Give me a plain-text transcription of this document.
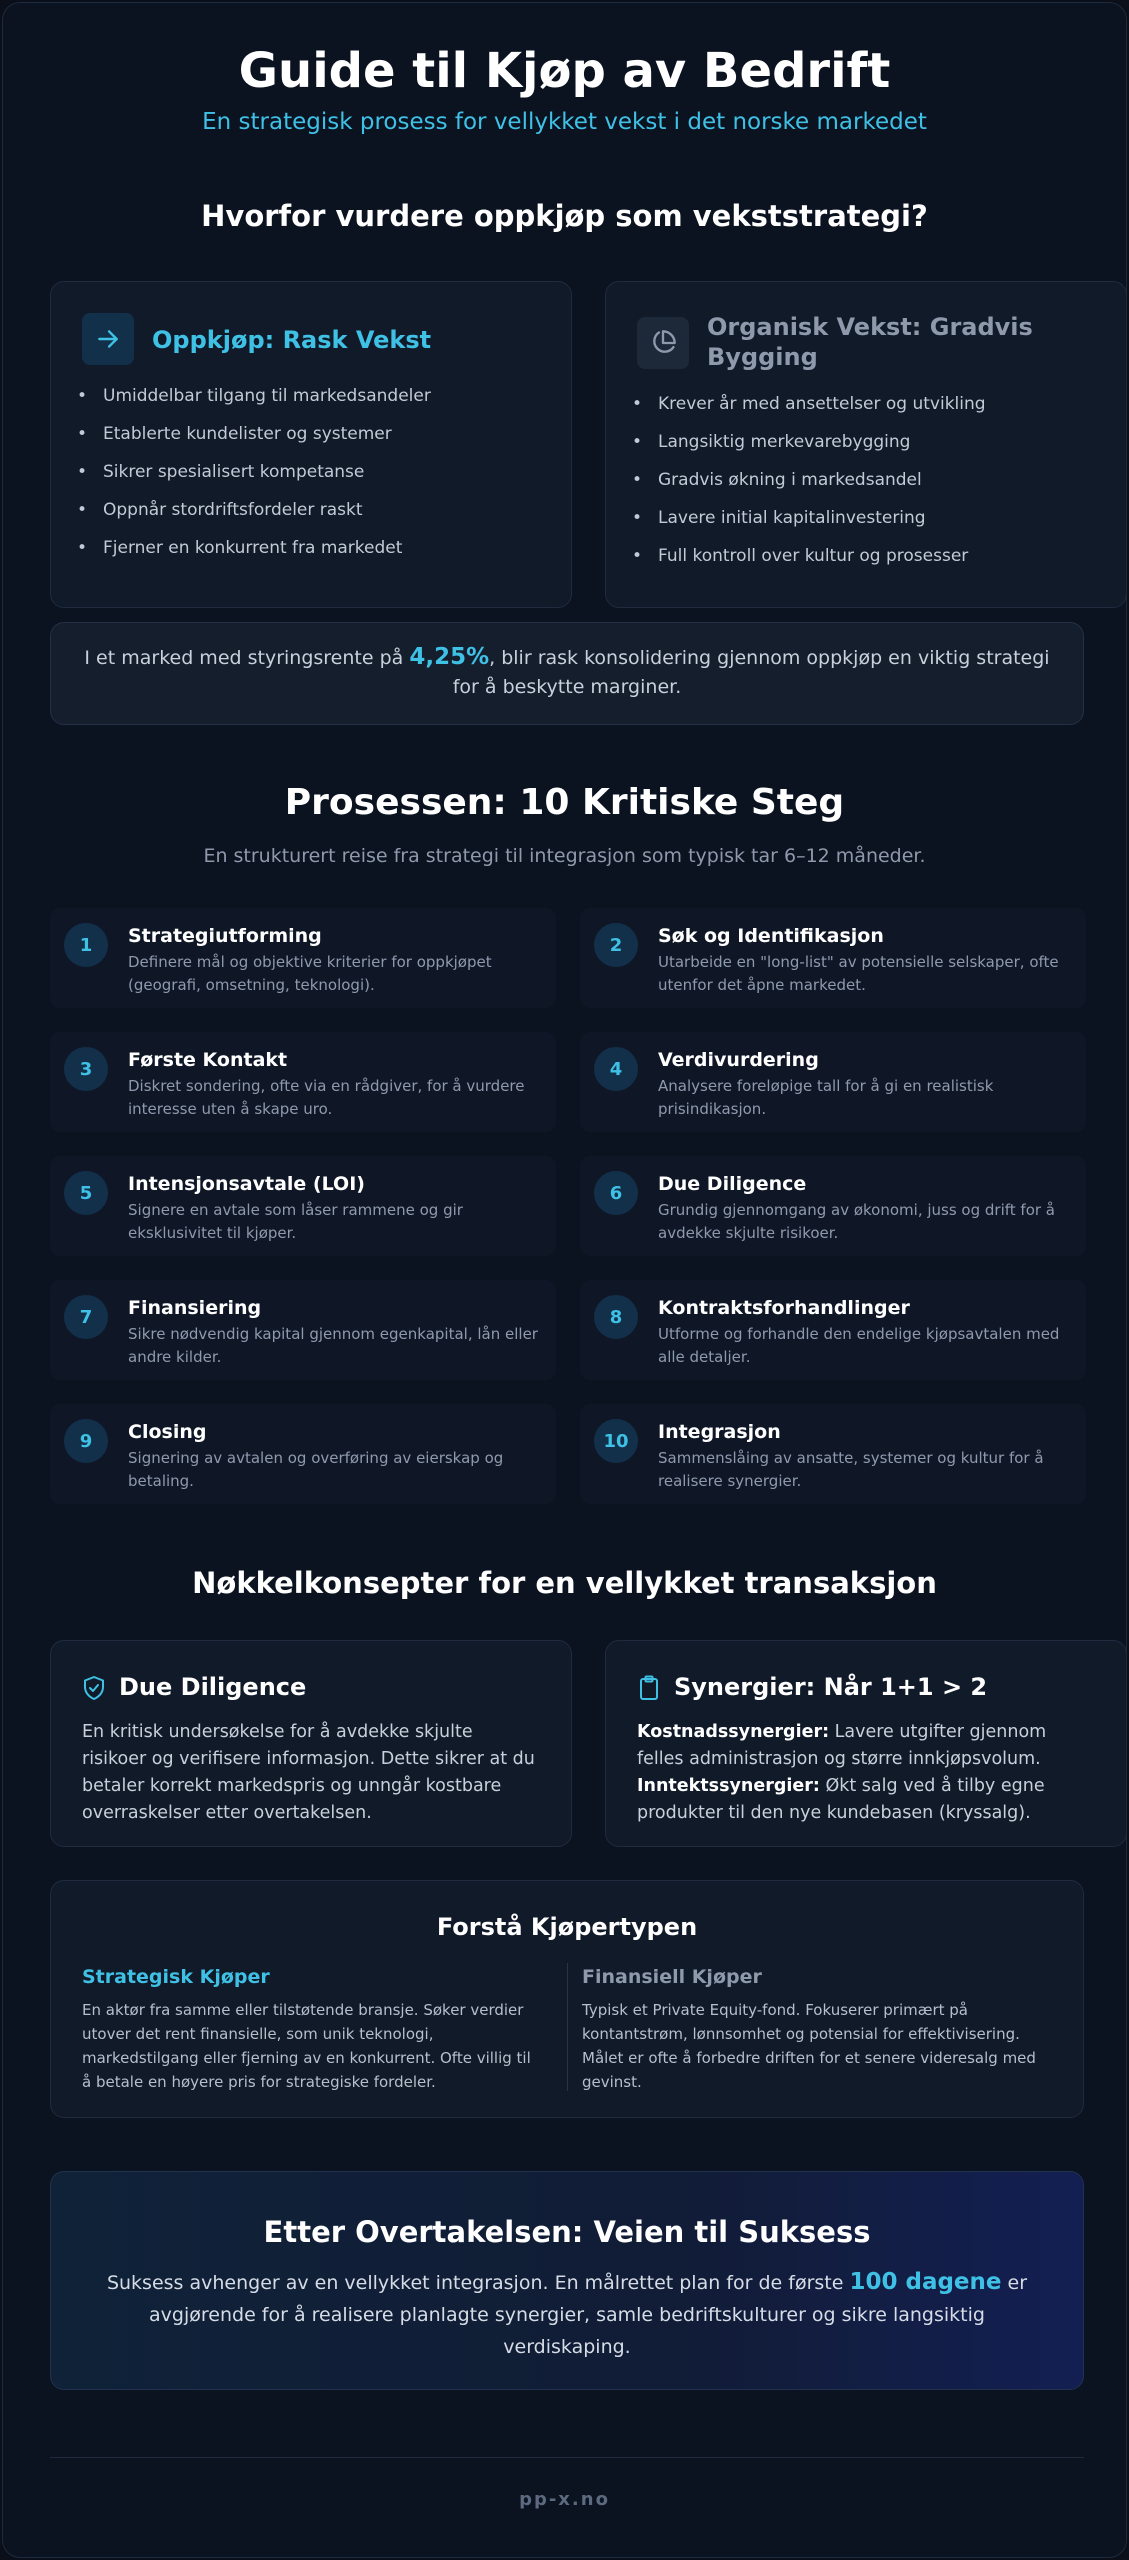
Guide til Kjøp av Bedrift
En strategisk prosess for vellykket vekst i det norske markedet
Hvorfor vurdere oppkjøp som vekststrategi?
Oppkjøp: Rask Vekst
• Umiddelbar tilgang til markedsandeler
• Etablerte kundelister og systemer
• Sikrer spesialisert kompetanse
• Oppnår stordriftsfordeler raskt
• Fjerner en konkurrent fra markedet
Organisk Vekst: Gradvis Bygging
• Krever år med ansettelser og utvikling
• Langsiktig merkevarebygging
• Gradvis økning i markedsandel
• Lavere initial kapitalinvestering
• Full kontroll over kultur og prosesser
I et marked med styringsrente på 4,25%, blir rask konsolidering gjennom oppkjøp en viktig strategi for å beskytte marginer.
Prosessen: 10 Kritiske Steg
En strukturert reise fra strategi til integrasjon som typisk tar 6–12 måneder.
Nøkkelkonsepter for en vellykket transaksjon
Due Diligence
En kritisk undersøkelse for å avdekke skjulte risikoer og verifisere informasjon. Dette sikrer at du betaler korrekt markedspris og unngår kostbare overraskelser etter overtakelsen.
Synergier: Når 1+1 > 2
Kostnadssynergier: Lavere utgifter gjennom felles administrasjon og større innkjøpsvolum.
Inntektssynergier: Økt salg ved å tilby egne produkter til den nye kundebasen (kryssalg).
Forstå Kjøpertypen
Strategisk Kjøper
En aktør fra samme eller tilstøtende bransje. Søker verdier utover det rent finansielle, som unik teknologi, markedstilgang eller fjerning av en konkurrent. Ofte villig til å betale en høyere pris for strategiske fordeler.
Finansiell Kjøper
Typisk et Private Equity-fond. Fokuserer primært på kontantstrøm, lønnsomhet og potensial for effektivisering. Målet er ofte å forbedre driften for et senere videresalg med gevinst.
Etter Overtakelsen: Veien til Suksess

Suksess avhenger av en vellykket integrasjon. En målrettet plan for de første 100 dagene er avgjørende for å realisere planlagte synergier, samle bedriftskulturer og sikre langsiktig verdiskaping.

pp-x.no
1	Strategiutforming
Definere mål og objektive kriterier for oppkjøpet (geografi, omsetning, teknologi).
2	Søk og Identifikasjon
Utarbeide en "long-list" av potensielle selskaper, ofte utenfor det åpne markedet.
3	Første Kontakt
Diskret sondering, ofte via en rådgiver, for å vurdere interesse uten å skape uro.
4	Verdivurdering
Analysere foreløpige tall for å gi en realistisk prisindikasjon.
5	Intensjonsavtale (LOI)
Signere en avtale som låser rammene og gir eksklusivitet til kjøper.
6	Due Diligence
Grundig gjennomgang av økonomi, juss og drift for å avdekke skjulte risikoer.
7	Finansiering
Sikre nødvendig kapital gjennom egenkapital, lån eller andre kilder.
8	Kontraktsforhandlinger
Utforme og forhandle den endelige kjøpsavtalen med alle detaljer.
9	Closing
Signering av avtalen og overføring av eierskap og betaling.
10	Integrasjon
Sammenslåing av ansatte, systemer og kultur for å realisere synergier.
